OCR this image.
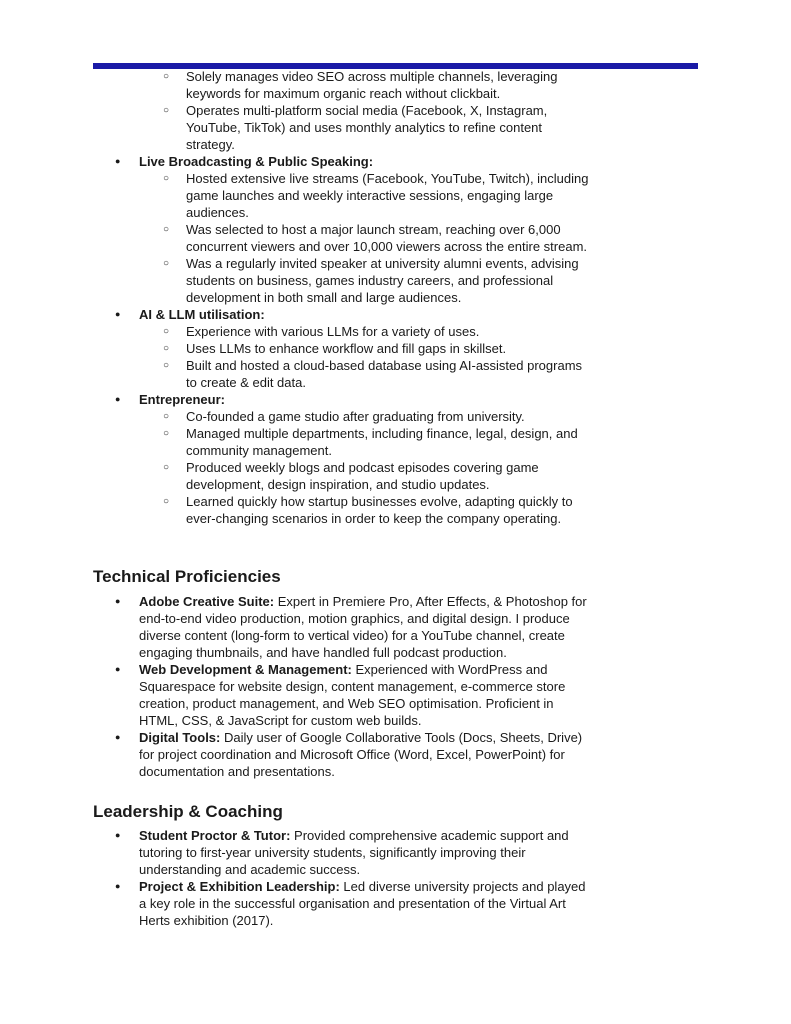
○ Solely manages video SEO across multiple channels, leveraging keywords for maximum organic reach without clickbait.
○ Operates multi-platform social media (Facebook, X, Instagram, YouTube, TikTok) and uses monthly analytics to refine content strategy.
● Live Broadcasting & Public Speaking:
○ Hosted extensive live streams (Facebook, YouTube, Twitch), including game launches and weekly interactive sessions, engaging large audiences.
○ Was selected to host a major launch stream, reaching over 6,000 concurrent viewers and over 10,000 viewers across the entire stream.
○ Was a regularly invited speaker at university alumni events, advising students on business, games industry careers, and professional development in both small and large audiences.
● AI & LLM utilisation:
○ Experience with various LLMs for a variety of uses.
○ Uses LLMs to enhance workflow and fill gaps in skillset.
○ Built and hosted a cloud-based database using AI-assisted programs to create & edit data.
● Entrepreneur:
○ Co-founded a game studio after graduating from university.
○ Managed multiple departments, including finance, legal, design, and community management.
○ Produced weekly blogs and podcast episodes covering game development, design inspiration, and studio updates.
○ Learned quickly how startup businesses evolve, adapting quickly to ever-changing scenarios in order to keep the company operating.
Technical Proficiencies
● Adobe Creative Suite: Expert in Premiere Pro, After Effects, & Photoshop for end-to-end video production, motion graphics, and digital design. I produce diverse content (long-form to vertical video) for a YouTube channel, create engaging thumbnails, and have handled full podcast production.
● Web Development & Management: Experienced with WordPress and Squarespace for website design, content management, e-commerce store creation, product management, and Web SEO optimisation. Proficient in HTML, CSS, & JavaScript for custom web builds.
● Digital Tools: Daily user of Google Collaborative Tools (Docs, Sheets, Drive) for project coordination and Microsoft Office (Word, Excel, PowerPoint) for documentation and presentations.
Leadership & Coaching
● Student Proctor & Tutor: Provided comprehensive academic support and tutoring to first-year university students, significantly improving their understanding and academic success.
● Project & Exhibition Leadership: Led diverse university projects and played a key role in the successful organisation and presentation of the Virtual Art Herts exhibition (2017).
